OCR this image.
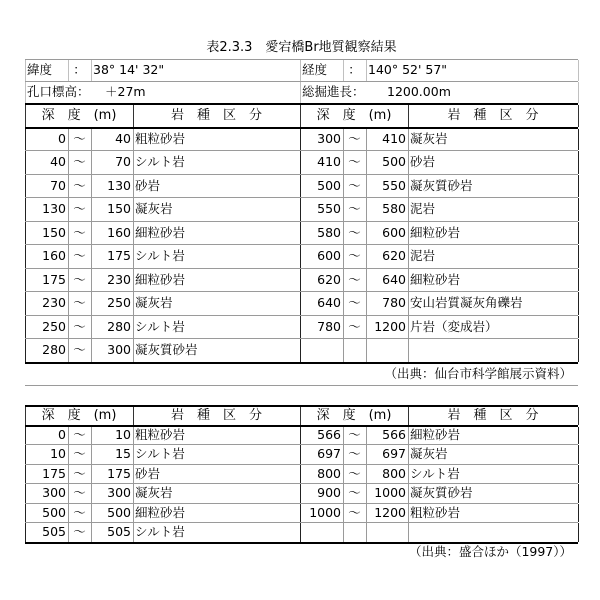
表2.3.3　愛宕橋Br地質観察結果
緯度	： 38° 14' 32"	経度	： 140° 52' 57"
孔口標高：	＋27m	総掘進長：	1200.00m
深　度　(m)	岩　種　区　分	深　度　(m)	岩　種　区　分
0 ～	40 粗粒砂岩	300 ～	410 凝灰岩
40 ～	70 シルト岩	410 ～	500 砂岩
70 ～	130 砂岩	500 ～	550 凝灰質砂岩
130 ～	150 凝灰岩	550 ～	580 泥岩
150 ～	160 細粒砂岩	580 ～	600 細粒砂岩
160 ～	175 シルト岩	600 ～	620 泥岩
175 ～	230 細粒砂岩	620 ～	640 細粒砂岩
230 ～	250 凝灰岩	640 ～	780 安山岩質凝灰角礫岩
250 ～	280 シルト岩	780 ～	1200 片岩（変成岩）
280 ～	300 凝灰質砂岩
（出典：仙台市科学館展示資料）
深　度　(m)	岩　種　区　分	深　度　(m)	岩　種　区　分
0 ～	10 粗粒砂岩	566 ～	566 細粒砂岩
10 ～	15 シルト岩	697 ～	697 凝灰岩
175 ～	175 砂岩	800 ～	800 シルト岩
300 ～	300 凝灰岩	900 ～	1000 凝灰質砂岩
500 ～	500 細粒砂岩	1000 ～	1200 粗粒砂岩
505 ～	505 シルト岩
（出典：盛合ほか（1997））
